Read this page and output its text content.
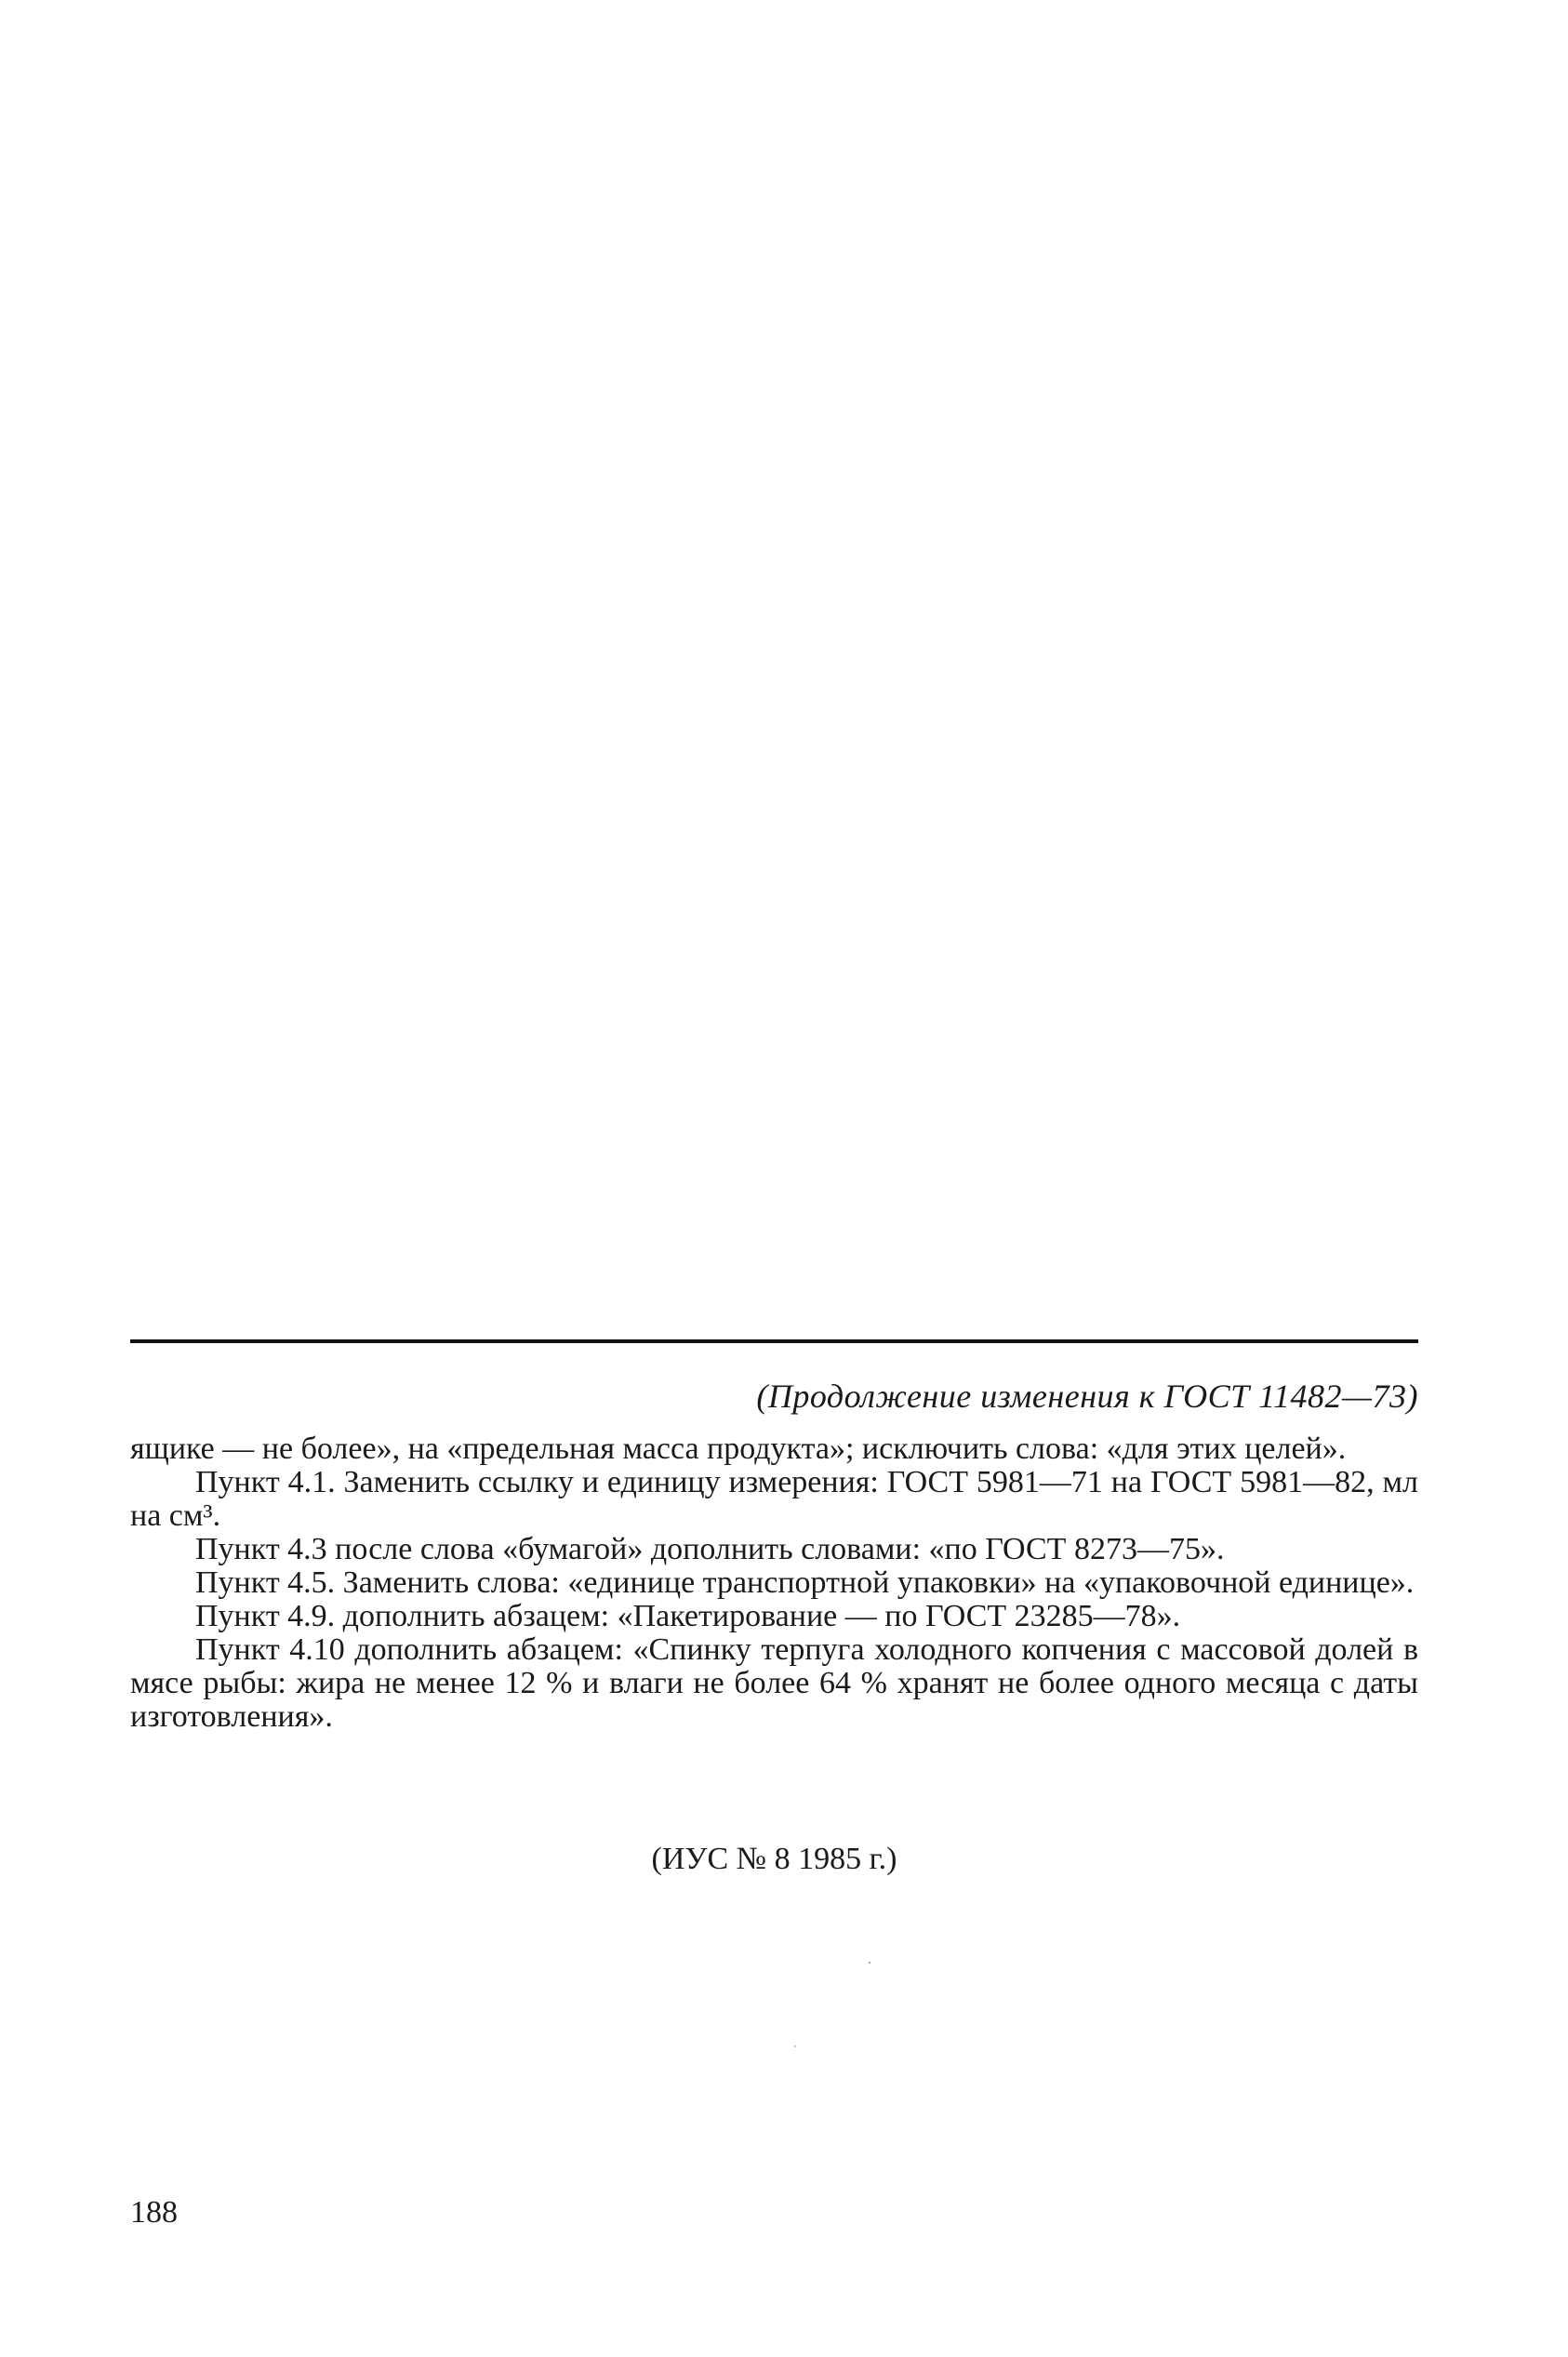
(Продолжение изменения к ГОСТ 11482—73)

ящике — не более», на «предельная масса продукта»; исключить слова: «для этих целей».

Пункт 4.1. Заменить ссылку и единицу измерения: ГОСТ 5981—71 на ГОСТ 5981—82, мл на см³.

Пункт 4.3 после слова «бумагой» дополнить словами: «по ГОСТ 8273—75».

Пункт 4.5. Заменить слова: «единице транспортной упаковки» на «упаковочной единице».

Пункт 4.9. дополнить абзацем: «Пакетирование — по ГОСТ 23285—78».

Пункт 4.10 дополнить абзацем: «Спинку терпуга холодного копчения с массовой долей в мясе рыбы: жира не менее 12 % и влаги не более 64 % хранят не более одного месяца с даты изготовления».

(ИУС № 8 1985 г.)
188
